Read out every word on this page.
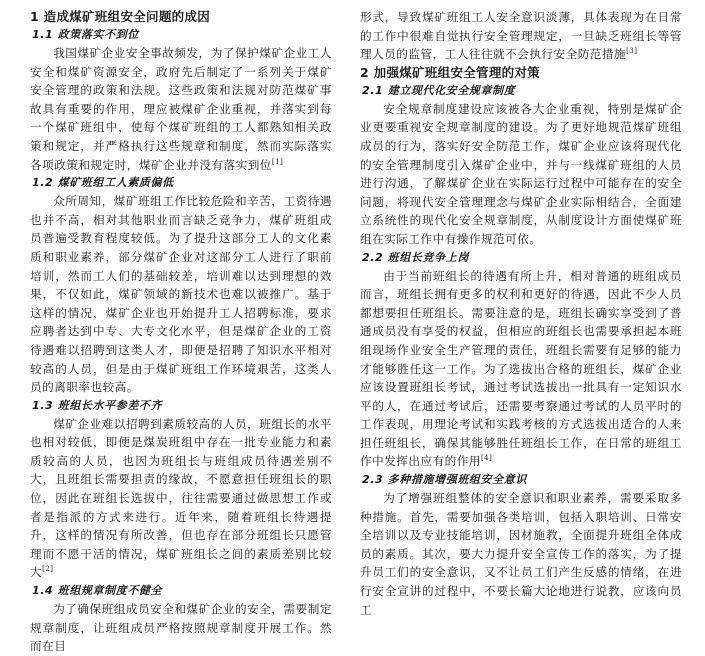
1 造成煤矿班组安全问题的成因
1.1 政策落实不到位

我国煤矿企业安全事故频发，为了保护煤矿企业工人安全和煤矿资源安全，政府先后制定了一系列关于煤矿安全管理的政策和法规。这些政策和法规对防范煤矿事故具有重要的作用，理应被煤矿企业重视，并落实到每一个煤矿班组中，使每个煤矿班组的工人都熟知相关政策和规定，并严格执行这些规章和制度，然而实际落实各项政策和规定时，煤矿企业并没有落实到位[1]

1.2 煤矿班组工人素质偏低

众所周知，煤矿班组工作比较危险和辛苦，工资待遇也并不高，相对其他职业而言缺乏竞争力，煤矿班组成员普遍受教育程度较低。为了提升这部分工人的文化素质和职业素养，部分煤矿企业对这部分工人进行了职前培训，然而工人们的基础较差，培训难以达到理想的效果，不仅如此，煤矿领域的新技术也难以被推广。基于这样的情况，煤矿企业也开始提升工人招聘标准，要求应聘者达到中专、大专文化水平，但是煤矿企业的工资待遇难以招聘到这类人才，即便是招聘了知识水平相对较高的人员，但是由于煤矿班组工作环境艰苦，这类人员的离职率也较高。

1.3 班组长水平参差不齐

煤矿企业难以招聘到素质较高的人员，班组长的水平也相对较低，即便是煤炭班组中存在一批专业能力和素质较高的人员，也因为班组长与班组成员待遇差别不大，且班组长需要担责的缘故，不愿意担任班组长的职位，因此在班组长选拔中，往往需要通过做思想工作或者是指派的方式来进行。近年来，随着班组长待遇提升，这样的情况有所改善，但也存在部分班组长只愿管理而不愿干活的情况，煤矿班组长之间的素质差别比较大[2]

1.4 班组规章制度不健全

为了确保班组成员安全和煤矿企业的安全，需要制定规章制度，让班组成员严格按照规章制度开展工作。然而在目

形式，导致煤矿班组工人安全意识淡薄，具体表现为在日常的工作中很难自觉执行安全管理规定，一旦缺乏班组长等管理人员的监管，工人往往就不会执行安全防范措施[3]

2 加强煤矿班组安全管理的对策
2.1 建立现代化安全规章制度

安全规章制度建设应该被各大企业重视，特别是煤矿企业更要重视安全规章制度的建设。为了更好地规范煤矿班组成员的行为，落实好安全防范工作，煤矿企业应该将现代化的安全管理制度引入煤矿企业中，并与一线煤矿班组的人员进行沟通，了解煤矿企业在实际运行过程中可能存在的安全问题，将现代安全管理理念与煤矿企业实际相结合，全面建立系统性的现代化安全规章制度，从制度设计方面使煤矿班组在实际工作中有操作规范可依。

2.2 班组长竞争上岗

由于当前班组长的待遇有所上升，相对普通的班组成员而言，班组长拥有更多的权利和更好的待遇，因此不少人员都想要担任班组长。需要注意的是，班组长确实享受到了普通成员没有享受的权益，但相应的班组长也需要承担起本班组现场作业安全生产管理的责任，班组长需要有足够的能力才能够胜任这一工作。为了选拔出合格的班组长，煤矿企业应该设置班组长考试，通过考试选拔出一批具有一定知识水平的人，在通过考试后，还需要考察通过考试的人员平时的工作表现，用理论考试和实践考核的方式选拔出适合的人来担任班组长，确保其能够胜任班组长工作，在日常的班组工作中发挥出应有的作用[4]

2.3 多种措施增强班组安全意识

为了增强班组整体的安全意识和职业素养，需要采取多种措施。首先，需要加强各类培训，包括入职培训、日常安全培训以及专业技能培训，因材施教，全面提升班组全体成员的素质。其次，要大力提升安全宣传工作的落实，为了提升员工们的安全意识，又不让员工们产生反感的情绪，在进行安全宣讲的过程中，不要长篇大论地进行说教，应该向员工
